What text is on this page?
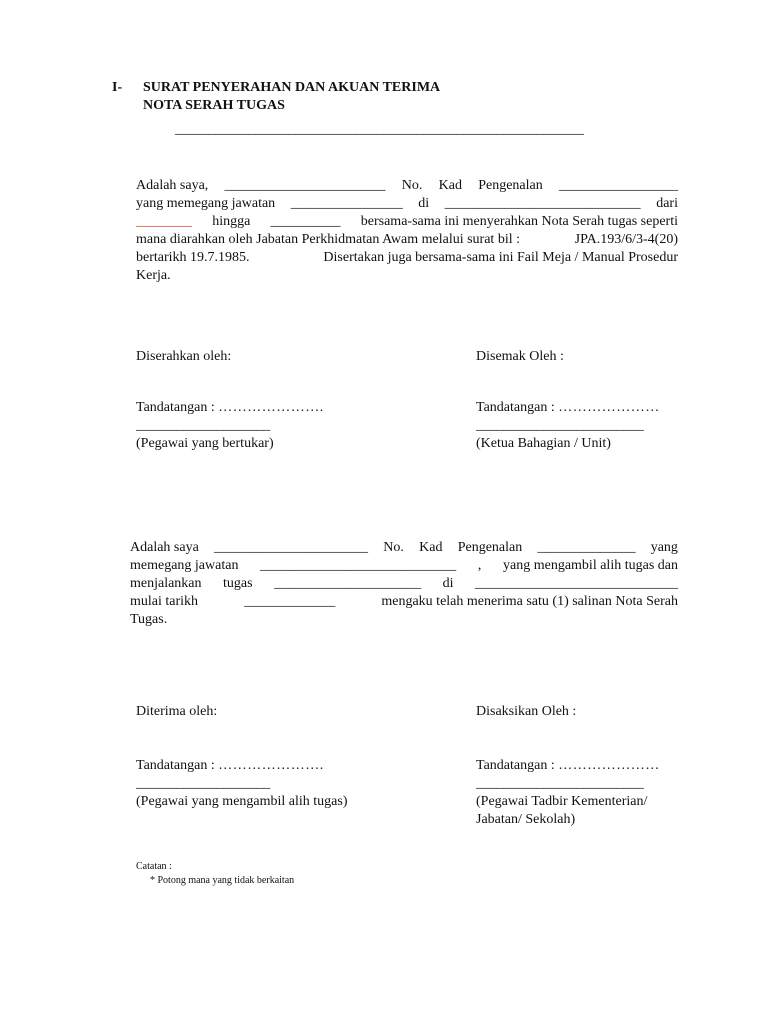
I- SURAT PENYERAHAN DAN AKUAN TERIMA
NOTA SERAH TUGAS
_____________________________________________________________
Adalah saya, _______________________ No. Kad Pengenalan _________________
yang memegang jawatan ________________ di ____________________________ dari
________ hingga __________ bersama-sama ini menyerahkan Nota Serah tugas seperti
mana diarahkan oleh Jabatan Perkhidmatan Awam melalui surat bil :	JPA.193/6/3-4(20)
bertarikh 19.7.1985.	Disertakan juga bersama-sama ini Fail Meja / Manual Prosedur
Kerja.
Diserahkan oleh:
Tandatangan : ………………….
____________________
(Pegawai yang bertukar)
Disemak Oleh :
Tandatangan : …………………
_________________________
(Ketua Bahagian / Unit)
Adalah saya ______________________ No. Kad Pengenalan ______________ yang
memegang jawatan ____________________________ , yang mengambil alih tugas dan
menjalankan tugas _____________________ di _____________________________
mulai tarikh	_____________	mengaku telah menerima satu (1) salinan Nota Serah
Tugas.
Diterima oleh:
Tandatangan : ………………….
____________________
(Pegawai yang mengambil alih tugas)
Disaksikan Oleh :
Tandatangan : …………………
_________________________
(Pegawai Tadbir Kementerian/
Jabatan/ Sekolah)
Catatan :
* Potong mana yang tidak berkaitan
